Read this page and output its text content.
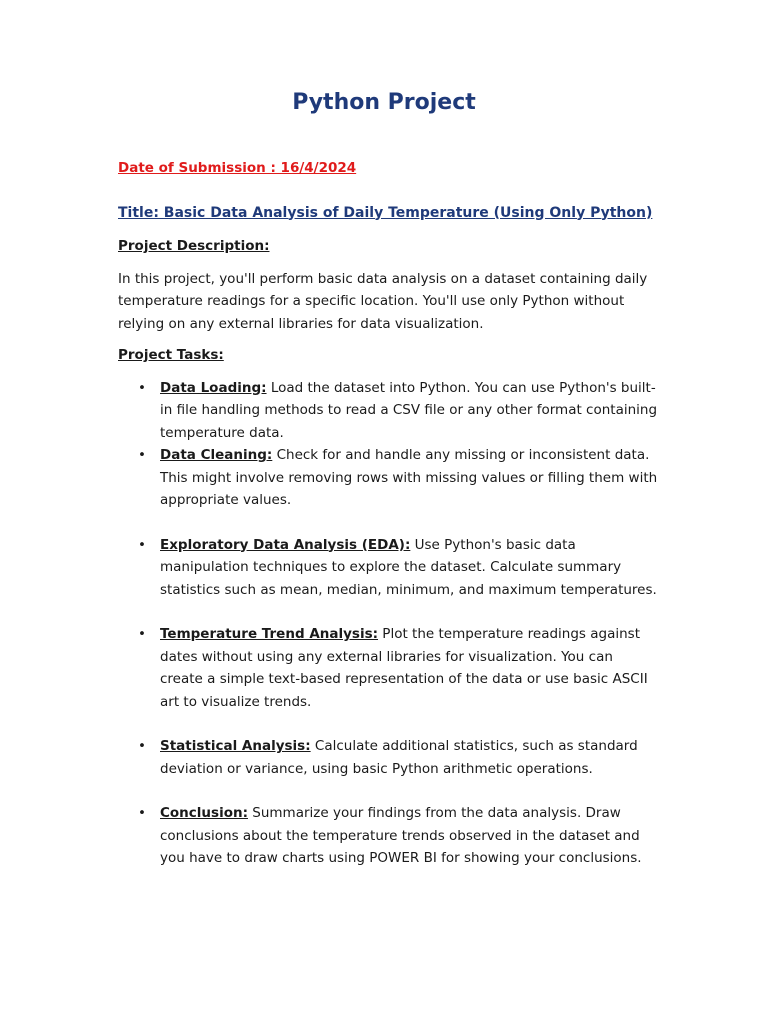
Python Project

Date of Submission : 16/4/2024

Title: Basic Data Analysis of Daily Temperature (Using Only Python)

Project Description:

In this project, you'll perform basic data analysis on a dataset containing daily temperature readings for a specific location. You'll use only Python without relying on any external libraries for data visualization.

Project Tasks:

• Data Loading: Load the dataset into Python. You can use Python's built-in file handling methods to read a CSV file or any other format containing temperature data.
• Data Cleaning: Check for and handle any missing or inconsistent data. This might involve removing rows with missing values or filling them with appropriate values.
• Exploratory Data Analysis (EDA): Use Python's basic data manipulation techniques to explore the dataset. Calculate summary statistics such as mean, median, minimum, and maximum temperatures.
• Temperature Trend Analysis: Plot the temperature readings against dates without using any external libraries for visualization. You can create a simple text-based representation of the data or use basic ASCII art to visualize trends.
• Statistical Analysis: Calculate additional statistics, such as standard deviation or variance, using basic Python arithmetic operations.
• Conclusion: Summarize your findings from the data analysis. Draw conclusions about the temperature trends observed in the dataset and you have to draw charts using POWER BI for showing your conclusions.
